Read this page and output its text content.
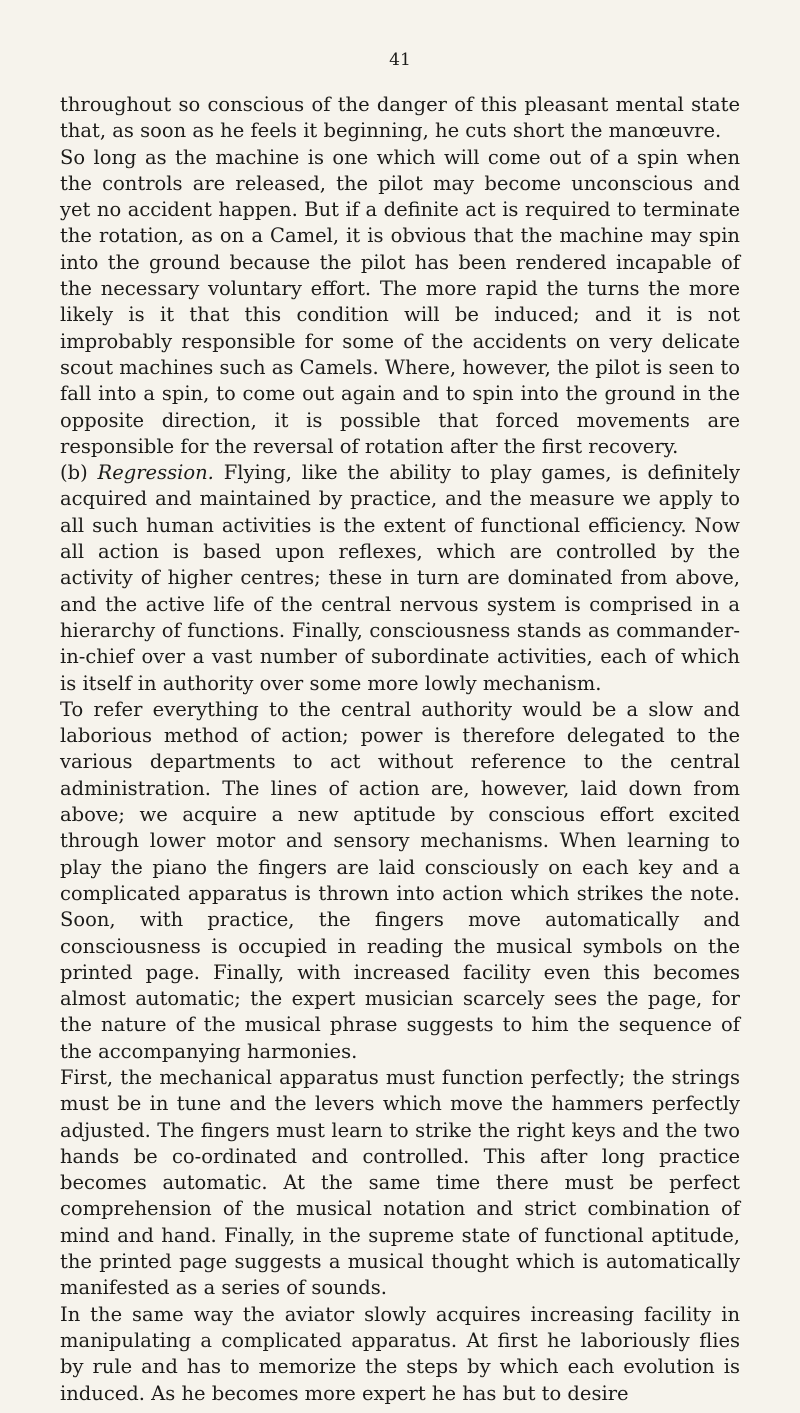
41

throughout so conscious of the danger of this pleasant mental state that, as soon as he feels it beginning, he cuts short the manœuvre.

So long as the machine is one which will come out of a spin when the controls are released, the pilot may become unconscious and yet no accident happen. But if a definite act is required to terminate the rotation, as on a Camel, it is obvious that the machine may spin into the ground because the pilot has been rendered incapable of the necessary voluntary effort. The more rapid the turns the more likely is it that this condition will be induced; and it is not improbably responsible for some of the accidents on very delicate scout machines such as Camels. Where, however, the pilot is seen to fall into a spin, to come out again and to spin into the ground in the opposite direction, it is possible that forced movements are responsible for the reversal of rotation after the first recovery.

(b) Regression. Flying, like the ability to play games, is definitely acquired and maintained by practice, and the measure we apply to all such human activities is the extent of functional efficiency. Now all action is based upon reflexes, which are controlled by the activity of higher centres; these in turn are dominated from above, and the active life of the central nervous system is comprised in a hierarchy of functions. Finally, consciousness stands as commander-in-chief over a vast number of subordinate activities, each of which is itself in authority over some more lowly mechanism.

To refer everything to the central authority would be a slow and laborious method of action; power is therefore delegated to the various departments to act without reference to the central administration. The lines of action are, however, laid down from above; we acquire a new aptitude by conscious effort excited through lower motor and sensory mechanisms. When learning to play the piano the fingers are laid consciously on each key and a complicated apparatus is thrown into action which strikes the note. Soon, with practice, the fingers move automatically and consciousness is occupied in reading the musical symbols on the printed page. Finally, with increased facility even this becomes almost automatic; the expert musician scarcely sees the page, for the nature of the musical phrase suggests to him the sequence of the accompanying harmonies.

First, the mechanical apparatus must function perfectly; the strings must be in tune and the levers which move the hammers perfectly adjusted. The fingers must learn to strike the right keys and the two hands be co-ordinated and controlled. This after long practice becomes automatic. At the same time there must be perfect comprehension of the musical notation and strict combination of mind and hand. Finally, in the supreme state of functional aptitude, the printed page suggests a musical thought which is automatically manifested as a series of sounds.

In the same way the aviator slowly acquires increasing facility in manipulating a complicated apparatus. At first he laboriously flies by rule and has to memorize the steps by which each evolution is induced. As he becomes more expert he has but to desire
